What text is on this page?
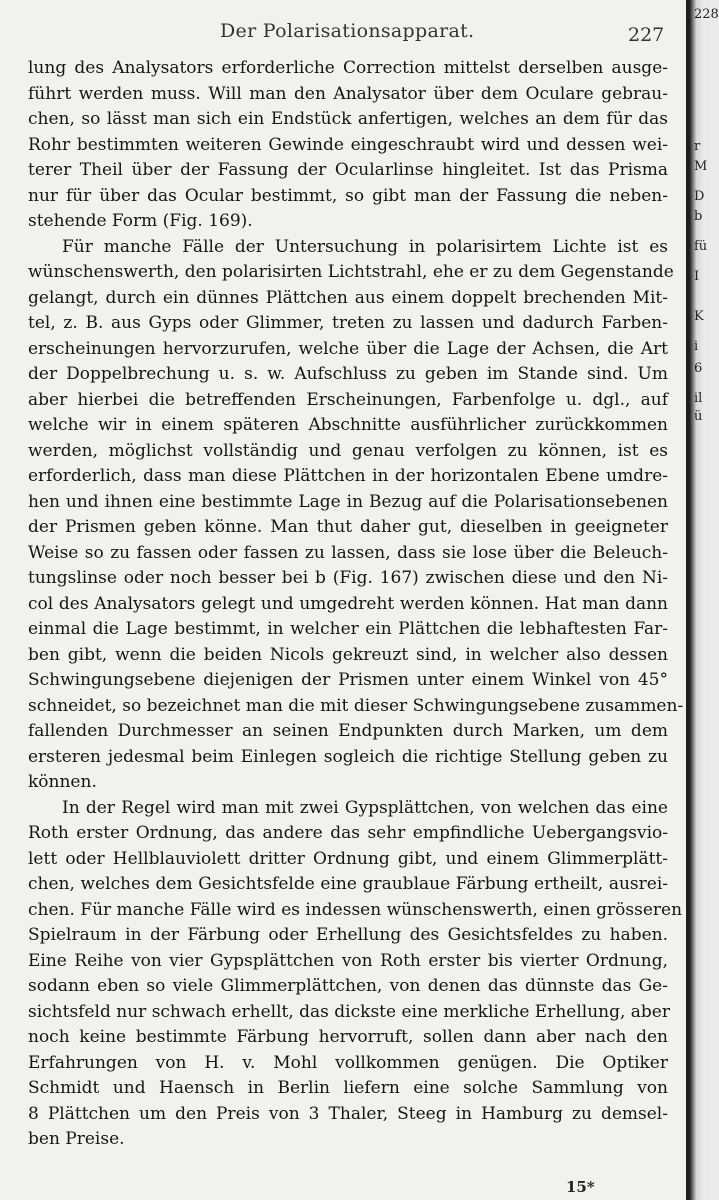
Der Polarisationsapparat.	227
lung des Analysators erforderliche Correction mittelst derselben ausge-
führt werden muss. Will man den Analysator über dem Oculare gebrau-
chen, so lässt man sich ein Endstück anfertigen, welches an dem für das
Rohr bestimmten weiteren Gewinde eingeschraubt wird und dessen wei-
terer Theil über der Fassung der Ocularlinse hingleitet. Ist das Prisma
nur für über das Ocular bestimmt, so gibt man der Fassung die neben-
stehende Form (Fig. 169).
Für manche Fälle der Untersuchung in polarisirtem Lichte ist es
wünschenswerth, den polarisirten Lichtstrahl, ehe er zu dem Gegenstande
gelangt, durch ein dünnes Plättchen aus einem doppelt brechenden Mit-
tel, z. B. aus Gyps oder Glimmer, treten zu lassen und dadurch Farben-
erscheinungen hervorzurufen, welche über die Lage der Achsen, die Art
der Doppelbrechung u. s. w. Aufschluss zu geben im Stande sind. Um
aber hierbei die betreffenden Erscheinungen, Farbenfolge u. dgl., auf
welche wir in einem späteren Abschnitte ausführlicher zurückkommen
werden, möglichst vollständig und genau verfolgen zu können, ist es
erforderlich, dass man diese Plättchen in der horizontalen Ebene umdre-
hen und ihnen eine bestimmte Lage in Bezug auf die Polarisationsebenen
der Prismen geben könne. Man thut daher gut, dieselben in geeigneter
Weise so zu fassen oder fassen zu lassen, dass sie lose über die Beleuch-
tungslinse oder noch besser bei b (Fig. 167) zwischen diese und den Ni-
col des Analysators gelegt und umgedreht werden können. Hat man dann
einmal die Lage bestimmt, in welcher ein Plättchen die lebhaftesten Far-
ben gibt, wenn die beiden Nicols gekreuzt sind, in welcher also dessen
Schwingungsebene diejenigen der Prismen unter einem Winkel von 45°
schneidet, so bezeichnet man die mit dieser Schwingungsebene zusammen-
fallenden Durchmesser an seinen Endpunkten durch Marken, um dem
ersteren jedesmal beim Einlegen sogleich die richtige Stellung geben zu
können.
In der Regel wird man mit zwei Gypsplättchen, von welchen das eine
Roth erster Ordnung, das andere das sehr empfindliche Uebergangsvio-
lett oder Hellblauviolett dritter Ordnung gibt, und einem Glimmerplätt-
chen, welches dem Gesichtsfelde eine graublaue Färbung ertheilt, ausrei-
chen. Für manche Fälle wird es indessen wünschenswerth, einen grösseren
Spielraum in der Färbung oder Erhellung des Gesichtsfeldes zu haben.
Eine Reihe von vier Gypsplättchen von Roth erster bis vierter Ordnung,
sodann eben so viele Glimmerplättchen, von denen das dünnste das Ge-
sichtsfeld nur schwach erhellt, das dickste eine merkliche Erhellung, aber
noch keine bestimmte Färbung hervorruft, sollen dann aber nach den
Erfahrungen von H. v. Mohl vollkommen genügen. Die Optiker
Schmidt und Haensch in Berlin liefern eine solche Sammlung von
8 Plättchen um den Preis von 3 Thaler, Steeg in Hamburg zu demsel-
ben Preise.
15*
228
r
M
D
b
fü
I
K
i
6
il
ü
